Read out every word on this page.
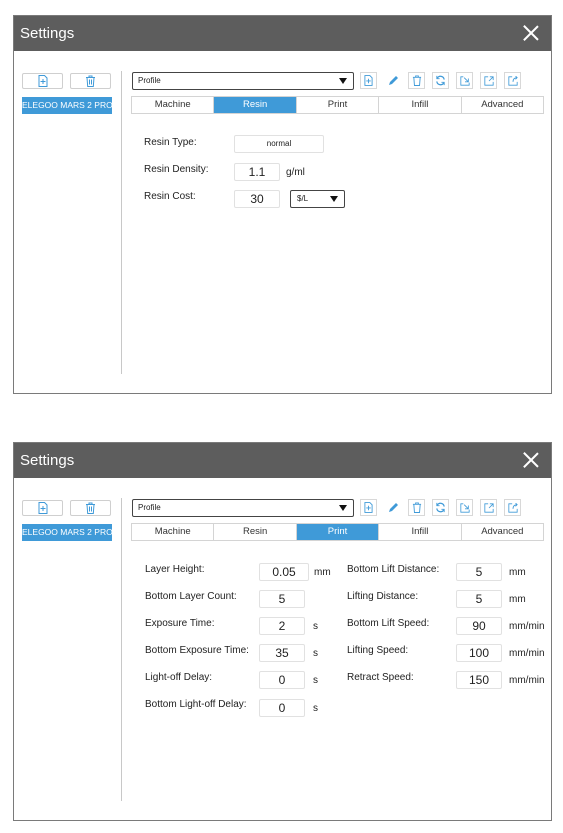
Settings
ELEGOO MARS 2 PRO
Profile
Machine	Resin	Print	Infill	Advanced
Resin Type:	normal
Resin Density:	1.1	g/ml
Resin Cost:	30	$/L
Settings
ELEGOO MARS 2 PRO
Profile
Machine	Resin	Print	Infill	Advanced
Layer Height:	0.05	mm
Bottom Layer Count:	5
Exposure Time:	2	s
Bottom Exposure Time:	35	s
Light-off Delay:	0	s
Bottom Light-off Delay:	0	s
Bottom Lift Distance:	5	mm
Lifting Distance:	5	mm
Bottom Lift Speed:	90	mm/min
Lifting Speed:	100	mm/min
Retract Speed:	150	mm/min
